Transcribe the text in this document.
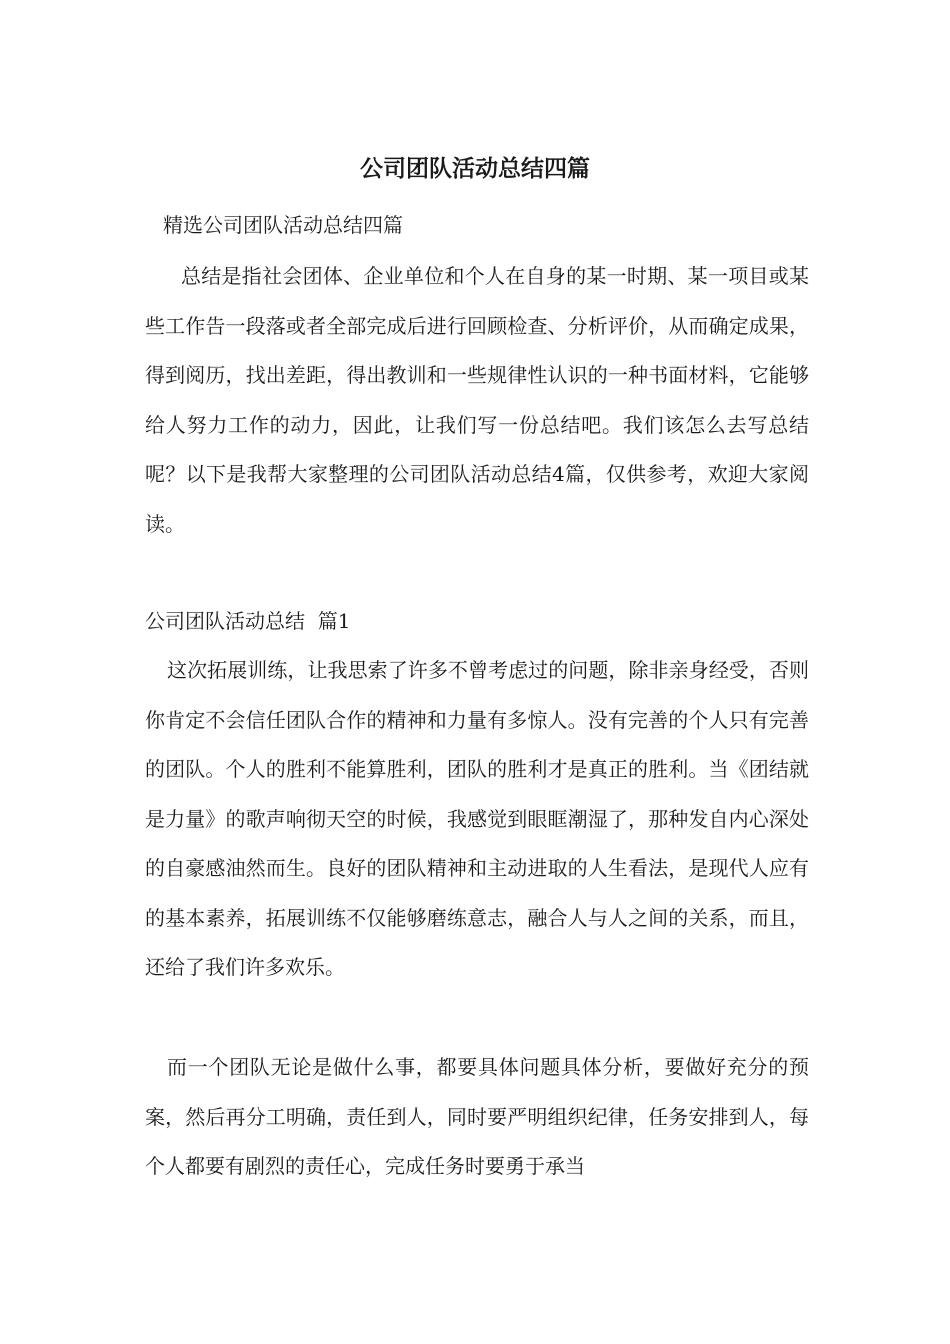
公司团队活动总结四篇

精选公司团队活动总结四篇

总结是指社会团体、企业单位和个人在自身的某一时期、某一项目或某些工作告一段落或者全部完成后进行回顾检查、分析评价，从而确定成果，得到阅历，找出差距，得出教训和一些规律性认识的一种书面材料，它能够给人努力工作的动力，因此，让我们写一份总结吧。我们该怎么去写总结呢？以下是我帮大家整理的公司团队活动总结4篇，仅供参考，欢迎大家阅读。

公司团队活动总结  篇1

这次拓展训练，让我思索了许多不曾考虑过的问题，除非亲身经受，否则你肯定不会信任团队合作的精神和力量有多惊人。没有完善的个人只有完善的团队。个人的胜利不能算胜利，团队的胜利才是真正的胜利。当《团结就是力量》的歌声响彻天空的时候，我感觉到眼眶潮湿了，那种发自内心深处的自豪感油然而生。良好的团队精神和主动进取的人生看法，是现代人应有的基本素养，拓展训练不仅能够磨练意志，融合人与人之间的关系，而且，还给了我们许多欢乐。

而一个团队无论是做什么事，都要具体问题具体分析，要做好充分的预案，然后再分工明确，责任到人，同时要严明组织纪律，任务安排到人，每个人都要有剧烈的责任心，完成任务时要勇于承当
